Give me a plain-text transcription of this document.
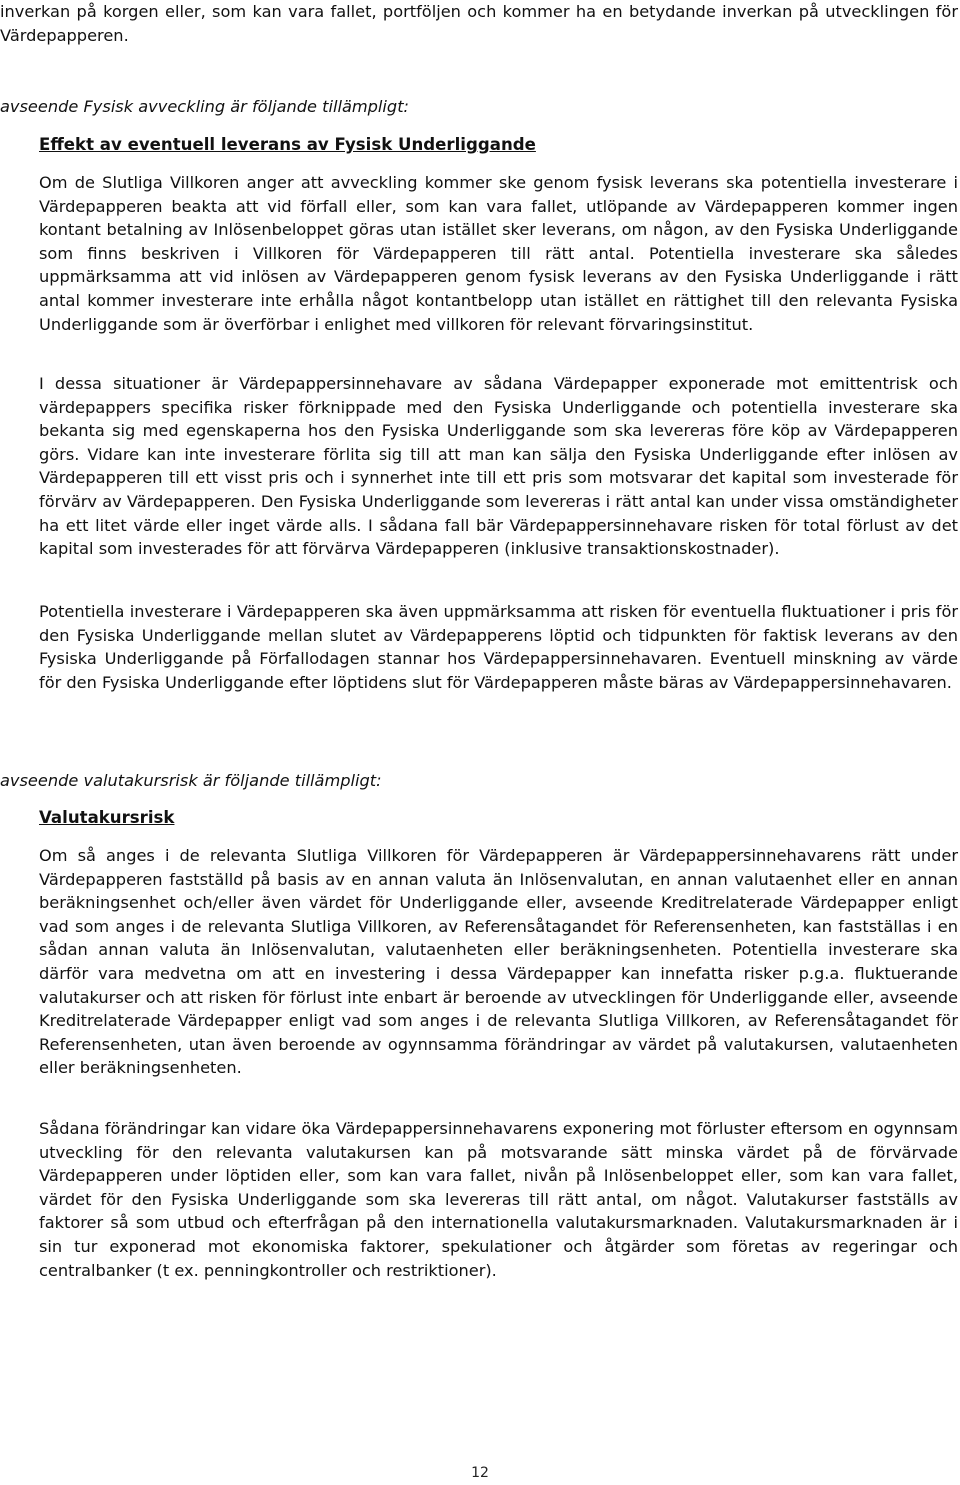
inverkan på korgen eller, som kan vara fallet, portföljen och kommer ha en betydande inverkan på utvecklingen för Värdepapperen.

avseende Fysisk avveckling är följande tillämpligt:

Effekt av eventuell leverans av Fysisk Underliggande

Om de Slutliga Villkoren anger att avveckling kommer ske genom fysisk leverans ska potentiella investerare i Värdepapperen beakta att vid förfall eller, som kan vara fallet, utlöpande av Värdepapperen kommer ingen kontant betalning av Inlösenbeloppet göras utan istället sker leverans, om någon, av den Fysiska Underliggande som finns beskriven i Villkoren för Värdepapperen till rätt antal. Potentiella investerare ska således uppmärksamma att vid inlösen av Värdepapperen genom fysisk leverans av den Fysiska Underliggande i rätt antal kommer investerare inte erhålla något kontantbelopp utan istället en rättighet till den relevanta Fysiska Underliggande som är överförbar i enlighet med villkoren för relevant förvaringsinstitut.

I dessa situationer är Värdepappersinnehavare av sådana Värdepapper exponerade mot emittentrisk och värdepappers specifika risker förknippade med den Fysiska Underliggande och potentiella investerare ska bekanta sig med egenskaperna hos den Fysiska Underliggande som ska levereras före köp av Värdepapperen görs. Vidare kan inte investerare förlita sig till att man kan sälja den Fysiska Underliggande efter inlösen av Värdepapperen till ett visst pris och i synnerhet inte till ett pris som motsvarar det kapital som investerade för förvärv av Värdepapperen. Den Fysiska Underliggande som levereras i rätt antal kan under vissa omständigheter ha ett litet värde eller inget värde alls. I sådana fall bär Värdepappersinnehavare risken för total förlust av det kapital som investerades för att förvärva Värdepapperen (inklusive transaktionskostnader).

Potentiella investerare i Värdepapperen ska även uppmärksamma att risken för eventuella fluktuationer i pris för den Fysiska Underliggande mellan slutet av Värdepapperens löptid och tidpunkten för faktisk leverans av den Fysiska Underliggande på Förfallodagen stannar hos Värdepappersinnehavaren. Eventuell minskning av värde för den Fysiska Underliggande efter löptidens slut för Värdepapperen måste bäras av Värdepappersinnehavaren.

avseende valutakursrisk är följande tillämpligt:

Valutakursrisk

Om så anges i de relevanta Slutliga Villkoren för Värdepapperen är Värdepappersinnehavarens rätt under Värdepapperen fastställd på basis av en annan valuta än Inlösenvalutan, en annan valutaenhet eller en annan beräkningsenhet och/eller även värdet för Underliggande eller, avseende Kreditrelaterade Värdepapper enligt vad som anges i de relevanta Slutliga Villkoren, av Referensåtagandet för Referensenheten, kan fastställas i en sådan annan valuta än Inlösenvalutan, valutaenheten eller beräkningsenheten. Potentiella investerare ska därför vara medvetna om att en investering i dessa Värdepapper kan innefatta risker p.g.a. fluktuerande valutakurser och att risken för förlust inte enbart är beroende av utvecklingen för Underliggande eller, avseende Kreditrelaterade Värdepapper enligt vad som anges i de relevanta Slutliga Villkoren, av Referensåtagandet för Referensenheten, utan även beroende av ogynnsamma förändringar av värdet på valutakursen, valutaenheten eller beräkningsenheten.

Sådana förändringar kan vidare öka Värdepappersinnehavarens exponering mot förluster eftersom en ogynnsam utveckling för den relevanta valutakursen kan på motsvarande sätt minska värdet på de förvärvade Värdepapperen under löptiden eller, som kan vara fallet, nivån på Inlösenbeloppet eller, som kan vara fallet, värdet för den Fysiska Underliggande som ska levereras till rätt antal, om något. Valutakurser fastställs av faktorer så som utbud och efterfrågan på den internationella valutakursmarknaden. Valutakursmarknaden är i sin tur exponerad mot ekonomiska faktorer, spekulationer och åtgärder som företas av regeringar och centralbanker (t ex. penningkontroller och restriktioner).

12
